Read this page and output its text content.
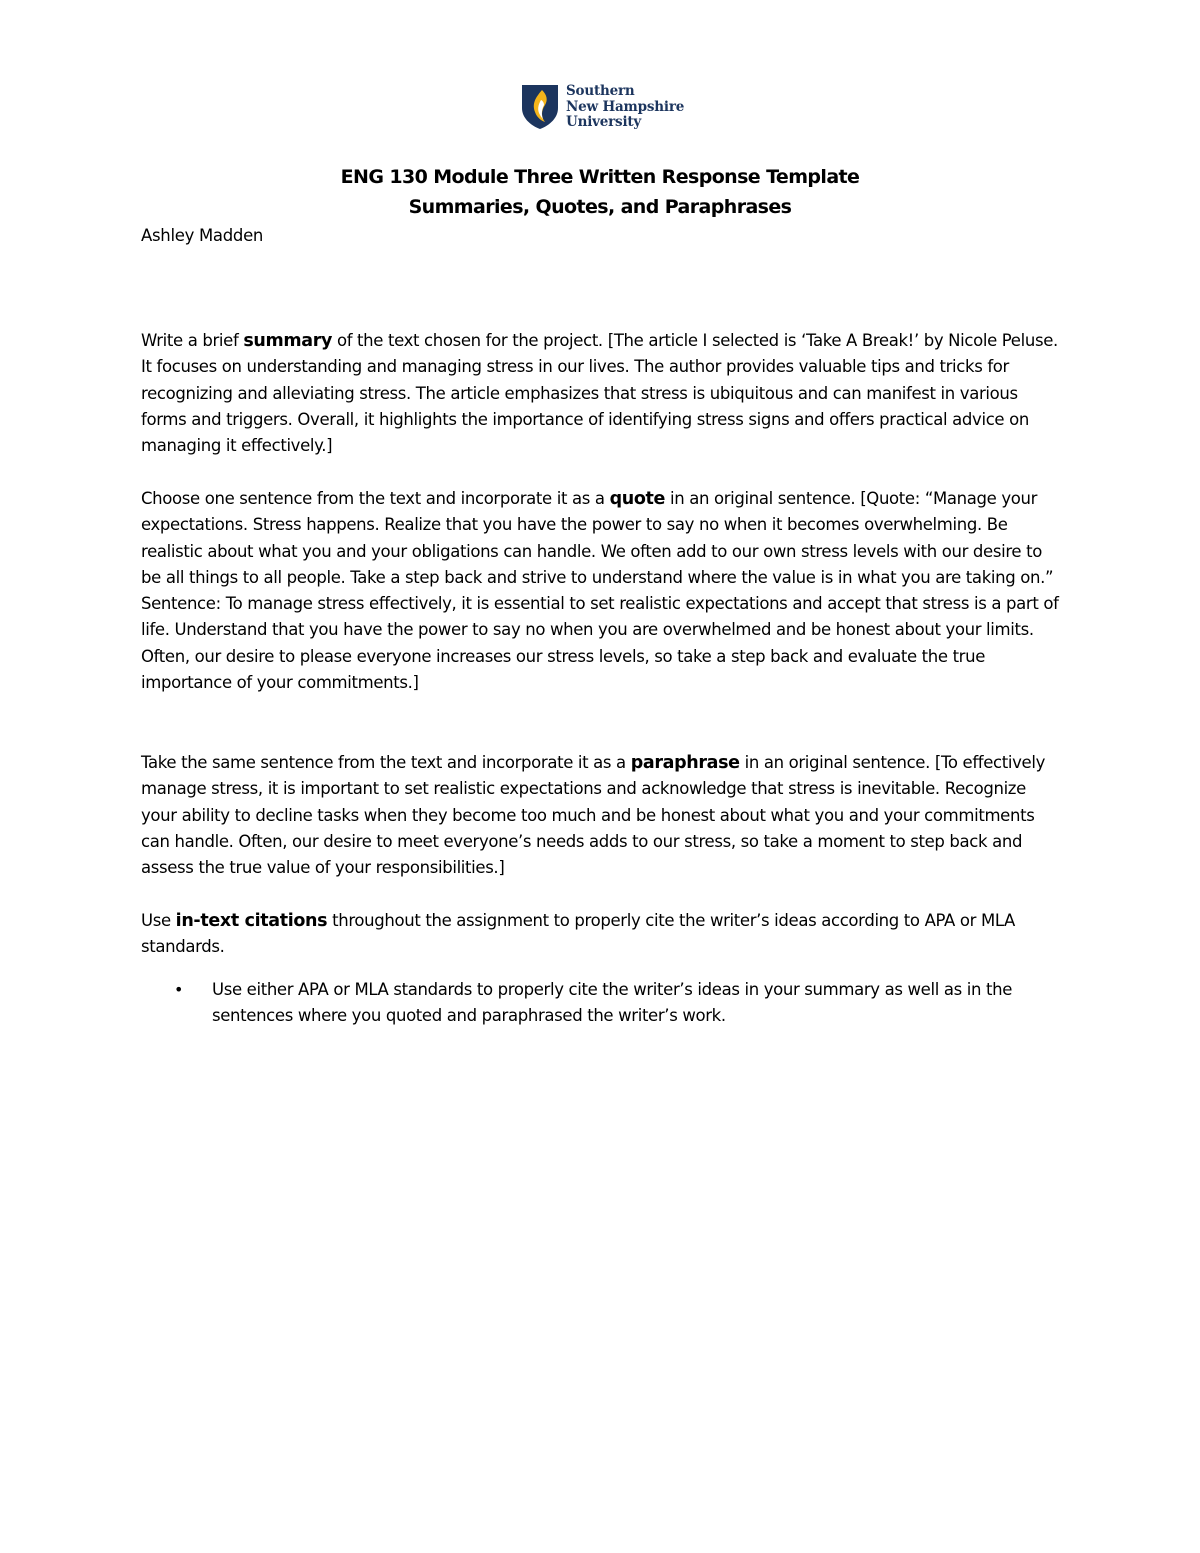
Southern
New Hampshire
University
ENG 130 Module Three Written Response Template
Summaries, Quotes, and Paraphrases
Ashley Madden
Write a brief summary of the text chosen for the project. [The article I selected is ‘Take A Break!’ by Nicole Peluse. It focuses on understanding and managing stress in our lives. The author provides valuable tips and tricks for recognizing and alleviating stress. The article emphasizes that stress is ubiquitous and can manifest in various forms and triggers. Overall, it highlights the importance of identifying stress signs and offers practical advice on managing it effectively.]
Choose one sentence from the text and incorporate it as a quote in an original sentence. [Quote: “Manage your expectations. Stress happens. Realize that you have the power to say no when it becomes overwhelming. Be realistic about what you and your obligations can handle. We often add to our own stress levels with our desire to be all things to all people. Take a step back and strive to understand where the value is in what you are taking on.”
Sentence: To manage stress effectively, it is essential to set realistic expectations and accept that stress is a part of life. Understand that you have the power to say no when you are overwhelmed and be honest about your limits. Often, our desire to please everyone increases our stress levels, so take a step back and evaluate the true importance of your commitments.]
Take the same sentence from the text and incorporate it as a paraphrase in an original sentence. [To effectively manage stress, it is important to set realistic expectations and acknowledge that stress is inevitable. Recognize your ability to decline tasks when they become too much and be honest about what you and your commitments can handle. Often, our desire to meet everyone’s needs adds to our stress, so take a moment to step back and assess the true value of your responsibilities.]
Use in-text citations throughout the assignment to properly cite the writer’s ideas according to APA or MLA standards.
• Use either APA or MLA standards to properly cite the writer’s ideas in your summary as well as in the sentences where you quoted and paraphrased the writer’s work.
